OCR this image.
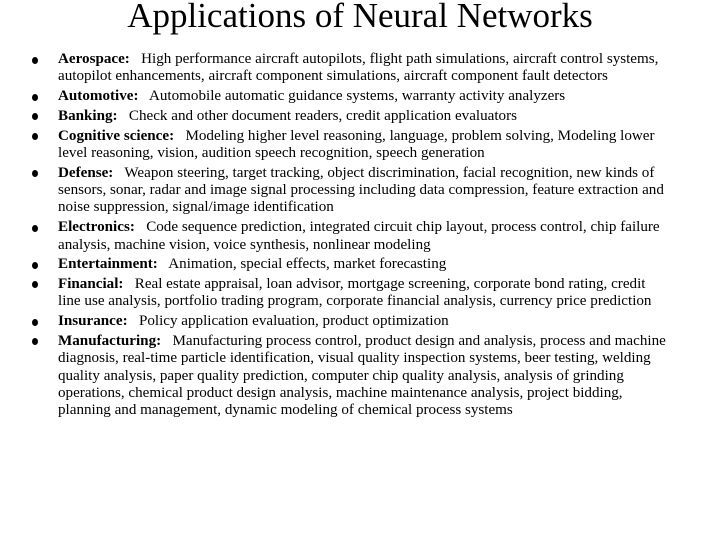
Applications of Neural Networks
Aerospace:   High performance aircraft autopilots, flight path simulations, aircraft control systems, autopilot enhancements, aircraft component simulations, aircraft component fault detectors
Automotive:   Automobile automatic guidance systems, warranty activity analyzers
Banking:   Check and other document readers, credit application evaluators
Cognitive science:   Modeling higher level reasoning, language, problem solving, Modeling lower level reasoning, vision, audition speech recognition, speech generation
Defense:   Weapon steering, target tracking, object discrimination, facial recognition, new kinds of sensors, sonar, radar and image signal processing including data compression, feature extraction and noise suppression, signal/image identification
Electronics:   Code sequence prediction, integrated circuit chip layout, process control, chip failure analysis, machine vision, voice synthesis, nonlinear modeling
Entertainment:   Animation, special effects, market forecasting
Financial:   Real estate appraisal, loan advisor, mortgage screening, corporate bond rating, credit line use analysis, portfolio trading program, corporate financial analysis, currency price prediction
Insurance:   Policy application evaluation, product optimization
Manufacturing:   Manufacturing process control, product design and analysis, process and machine diagnosis, real-time particle identification, visual quality inspection systems, beer testing, welding quality analysis, paper quality prediction, computer chip quality analysis, analysis of grinding operations, chemical product design analysis, machine maintenance analysis, project bidding, planning and management, dynamic modeling of chemical process systems
